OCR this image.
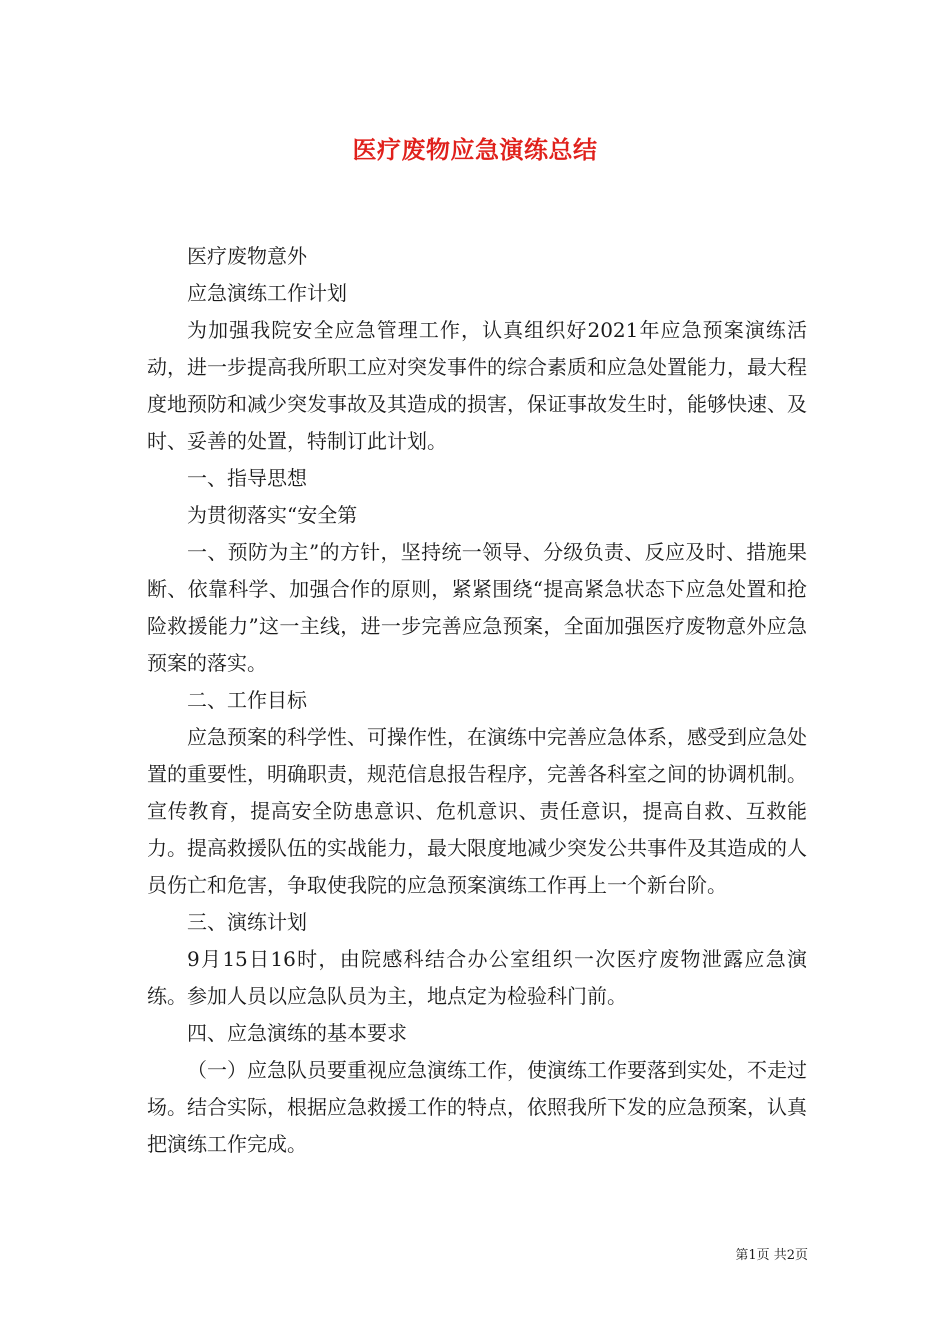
医疗废物应急演练总结

医疗废物意外

应急演练工作计划

为加强我院安全应急管理工作，认真组织好2021年应急预案演练活动，进一步提高我所职工应对突发事件的综合素质和应急处置能力，最大程度地预防和减少突发事故及其造成的损害，保证事故发生时，能够快速、及时、妥善的处置，特制订此计划。

一、指导思想

为贯彻落实“安全第

一、预防为主”的方针，坚持统一领导、分级负责、反应及时、措施果断、依靠科学、加强合作的原则，紧紧围绕“提高紧急状态下应急处置和抢险救援能力”这一主线，进一步完善应急预案，全面加强医疗废物意外应急预案的落实。

二、工作目标

应急预案的科学性、可操作性，在演练中完善应急体系，感受到应急处置的重要性，明确职责，规范信息报告程序，完善各科室之间的协调机制。宣传教育，提高安全防患意识、危机意识、责任意识，提高自救、互救能力。提高救援队伍的实战能力，最大限度地减少突发公共事件及其造成的人员伤亡和危害，争取使我院的应急预案演练工作再上一个新台阶。

三、演练计划

9月15日16时，由院感科结合办公室组织一次医疗废物泄露应急演练。参加人员以应急队员为主，地点定为检验科门前。

四、应急演练的基本要求

（一）应急队员要重视应急演练工作，使演练工作要落到实处，不走过场。结合实际，根据应急救援工作的特点，依照我所下发的应急预案，认真把演练工作完成。

第1页 共2页
